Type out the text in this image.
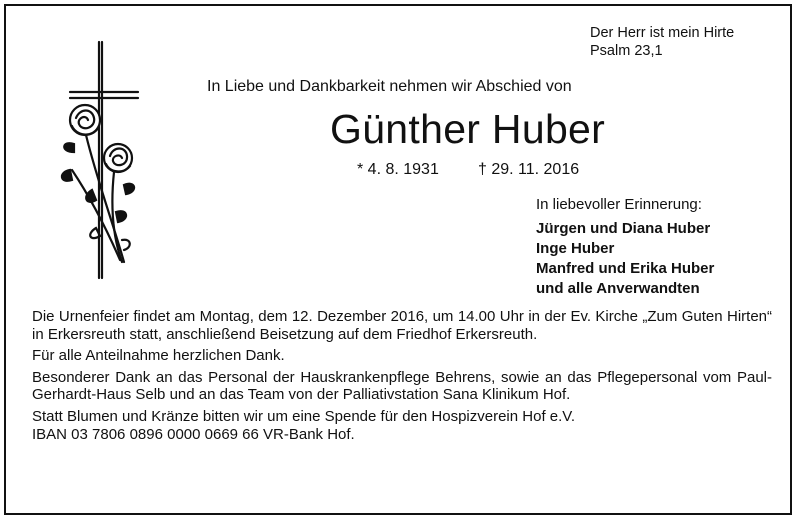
Der Herr ist mein Hirte
Psalm 23,1
In Liebe und Dankbarkeit nehmen wir Abschied von
Günther Huber
* 4. 8. 1931 † 29. 11. 2016
In liebevoller Erinnerung:
Jürgen und Diana Huber
Inge Huber
Manfred und Erika Huber
und alle Anverwandten

Die Urnenfeier findet am Montag, dem 12. Dezember 2016, um 14.00 Uhr in der Ev. Kirche „Zum Guten Hirten“ in Erkersreuth statt, anschließend Beisetzung auf dem Friedhof Erkersreuth.

Für alle Anteilnahme herzlichen Dank.

Besonderer Dank an das Personal der Hauskrankenpflege Behrens, sowie an das Pflegepersonal vom Paul-Gerhardt-Haus Selb und an das Team von der Palliativstation Sana Klinikum Hof.

Statt Blumen und Kränze bitten wir um eine Spende für den Hospizverein Hof e.V.

IBAN 03 7806 0896 0000 0669 66 VR-Bank Hof.
